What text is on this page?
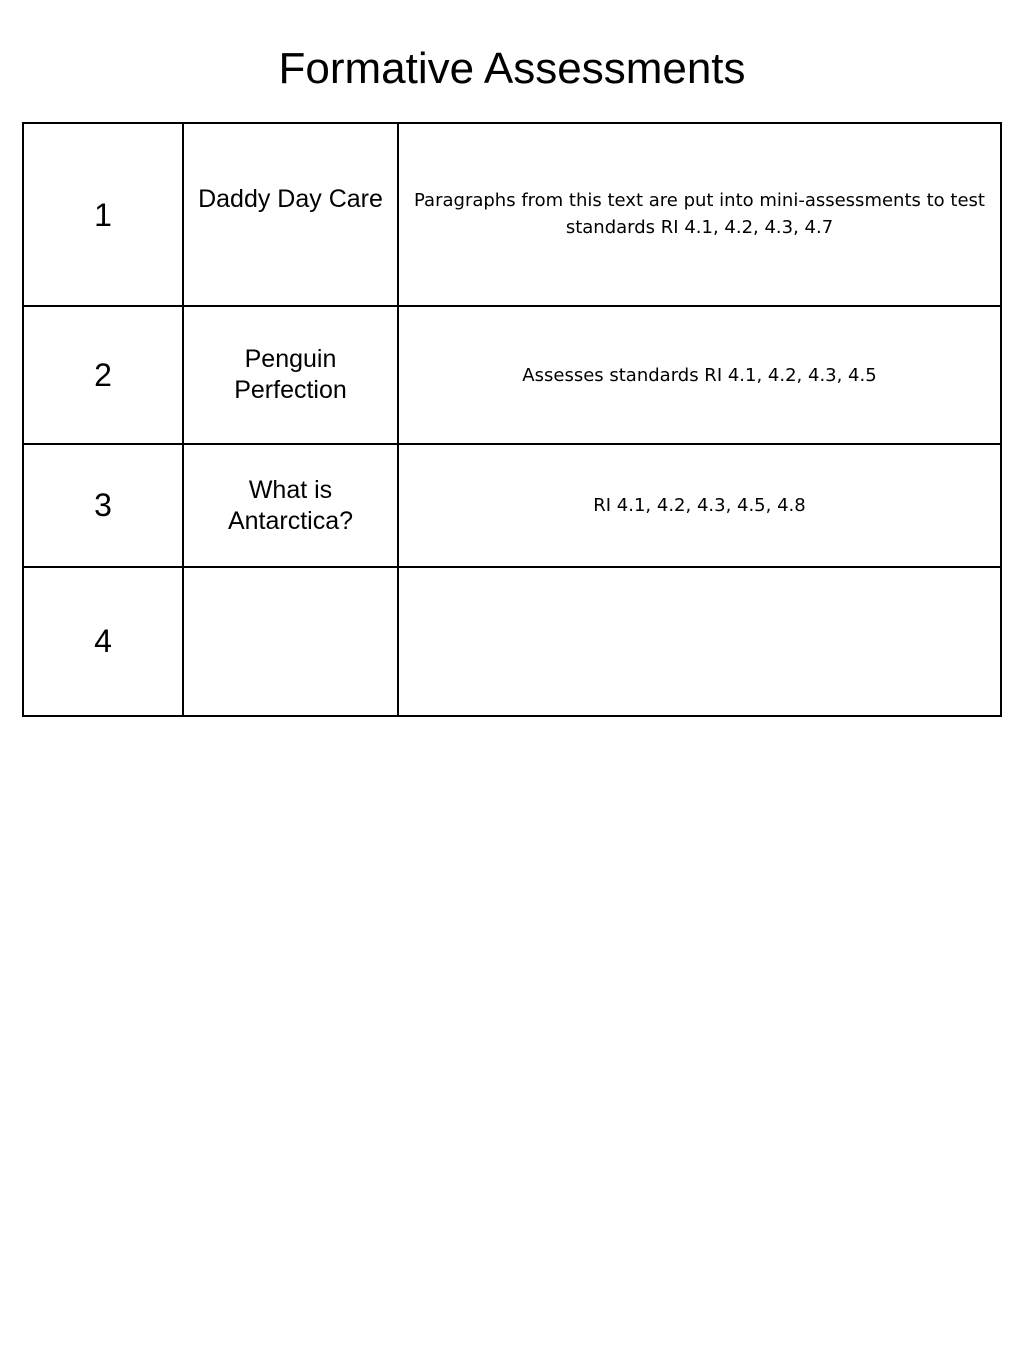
Formative Assessments
1	Daddy Day Care	Paragraphs from this text are put into mini-assessments to test standards RI 4.1, 4.2, 4.3, 4.7
2	Penguin Perfection	Assesses standards RI 4.1, 4.2, 4.3, 4.5
3	What is Antarctica?	RI 4.1, 4.2, 4.3, 4.5, 4.8
4		
